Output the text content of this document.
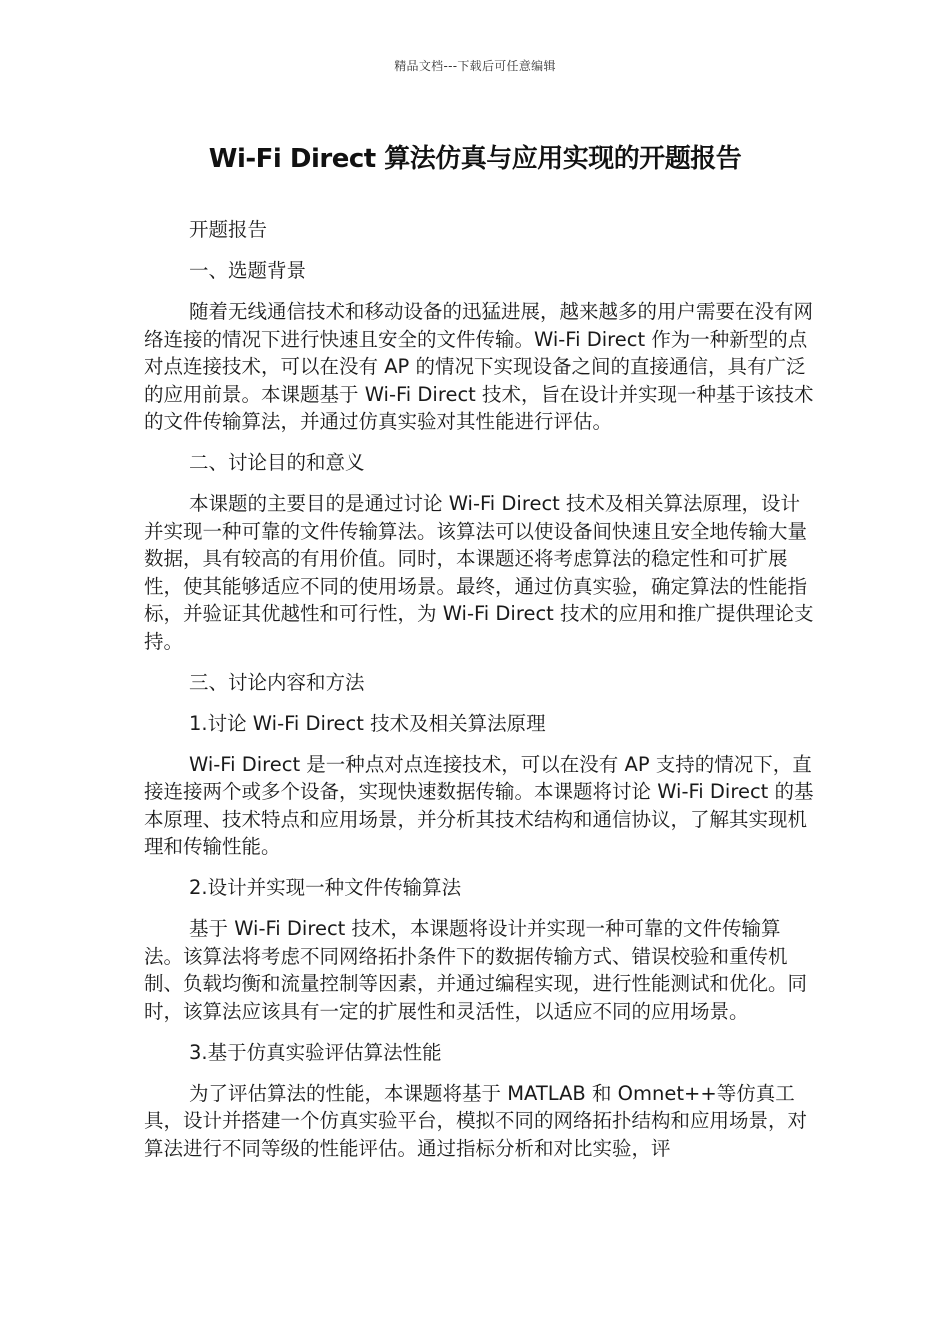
精品文档---下载后可任意编辑
Wi-Fi Direct 算法仿真与应用实现的开题报告

开题报告

一、选题背景

随着无线通信技术和移动设备的迅猛进展，越来越多的用户需要在没有网络连接的情况下进行快速且安全的文件传输。Wi-Fi Direct 作为一种新型的点对点连接技术，可以在没有 AP 的情况下实现设备之间的直接通信，具有广泛的应用前景。本课题基于 Wi-Fi Direct 技术，旨在设计并实现一种基于该技术的文件传输算法，并通过仿真实验对其性能进行评估。

二、讨论目的和意义

本课题的主要目的是通过讨论 Wi-Fi Direct 技术及相关算法原理，设计并实现一种可靠的文件传输算法。该算法可以使设备间快速且安全地传输大量数据，具有较高的有用价值。同时，本课题还将考虑算法的稳定性和可扩展性，使其能够适应不同的使用场景。最终，通过仿真实验，确定算法的性能指标，并验证其优越性和可行性，为 Wi-Fi Direct 技术的应用和推广提供理论支持。

三、讨论内容和方法

1.讨论 Wi-Fi Direct 技术及相关算法原理

Wi-Fi Direct 是一种点对点连接技术，可以在没有 AP 支持的情况下，直接连接两个或多个设备，实现快速数据传输。本课题将讨论 Wi-Fi Direct 的基本原理、技术特点和应用场景，并分析其技术结构和通信协议，了解其实现机理和传输性能。

2.设计并实现一种文件传输算法

基于 Wi-Fi Direct 技术，本课题将设计并实现一种可靠的文件传输算法。该算法将考虑不同网络拓扑条件下的数据传输方式、错误校验和重传机制、负载均衡和流量控制等因素，并通过编程实现，进行性能测试和优化。同时，该算法应该具有一定的扩展性和灵活性，以适应不同的应用场景。

3.基于仿真实验评估算法性能

为了评估算法的性能，本课题将基于 MATLAB 和 Omnet++等仿真工具，设计并搭建一个仿真实验平台，模拟不同的网络拓扑结构和应用场景，对算法进行不同等级的性能评估。通过指标分析和对比实验，评
